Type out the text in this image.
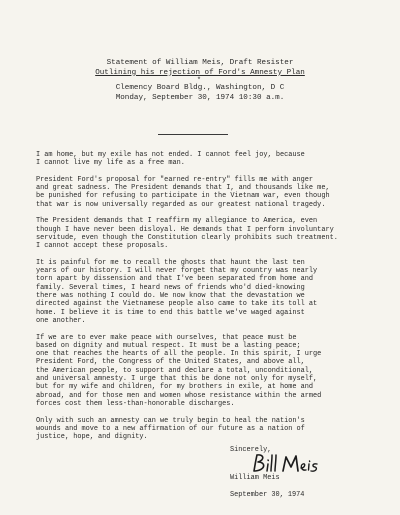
Statement of William Meis, Draft Resister
Outlining his rejection of Ford's Amnesty Plan
*
Clemency Board Bldg., Washington, D C
Monday, September 30, 1974 10:30 a.m.
I am home, but my exile has not ended. I cannot feel joy, because
I cannot live my life as a free man.
President Ford's proposal for "earned re-entry" fills me with anger
and great sadness. The President demands that I, and thousands like me,
be punished for refusing to participate in the Vietnam war, even though
that war is now universally regarded as our greatest national tragedy.
The President demands that I reaffirm my allegiance to America, even
though I have never been disloyal. He demands that I perform involuntary
servitude, even though the Constitution clearly prohibits such treatment.
I cannot accept these proposals.
It is painful for me to recall the ghosts that haunt the last ten
years of our history. I will never forget that my country was nearly
torn apart by dissension and that I've been separated from home and
family. Several times, I heard news of friends who'd died-knowing
there was nothing I could do. We now know that the devastation we
directed against the Vietnamese people also came to take its toll at
home. I believe it is time to end this battle we've waged against
one another.
If we are to ever make peace with ourselves, that peace must be
based on dignity and mutual respect. It must be a lasting peace;
one that reaches the hearts of all the people. In this spirit, I urge
President Ford, the Congress of the United States, and above all,
the American people, to support and declare a total, unconditional,
and universal amnesty. I urge that this be done not only for myself,
but for my wife and children, for my brothers in exile, at home and
abroad, and for those men and women whose resistance within the armed
forces cost them less-than-honorable discharges.
Only with such an amnesty can we truly begin to heal the nation's
wounds and move to a new affirmation of our future as a nation of
justice, hope, and dignity.
Sincerely,
William Meis
September 30, 1974
